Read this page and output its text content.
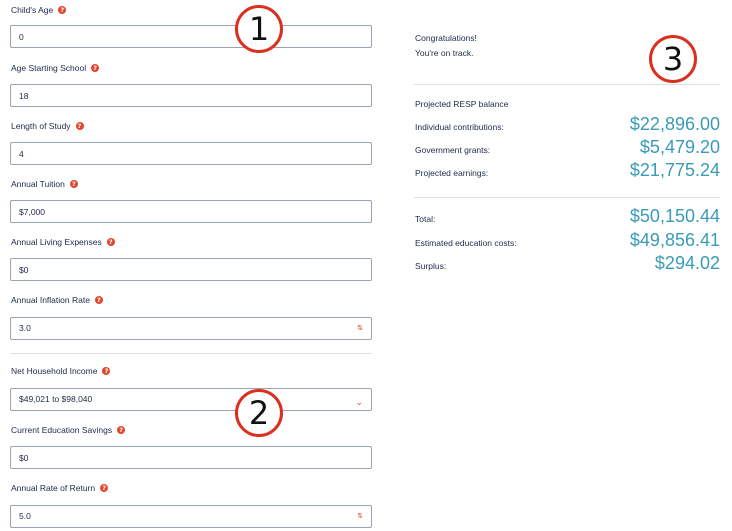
Child's Age	?
0
Age Starting School	?
18
Length of Study	?
4
Annual Tuition	?
$7,000
Annual Living Expenses	?
$0
Annual Inflation Rate	?
3.0	⇅
Net Household Income	?
$49,021 to $98,040	⌄
Current Education Savings	?
$0
Annual Rate of Return	?
5.0	⇅
Congratulations!
You're on track.
Projected RESP balance
Individual contributions:	$22,896.00
Government grants:	$5,479.20
Projected earnings:	$21,775.24
Total:	$50,150.44
Estimated education costs:	$49,856.41
Surplus:	$294.02
1
2
3
